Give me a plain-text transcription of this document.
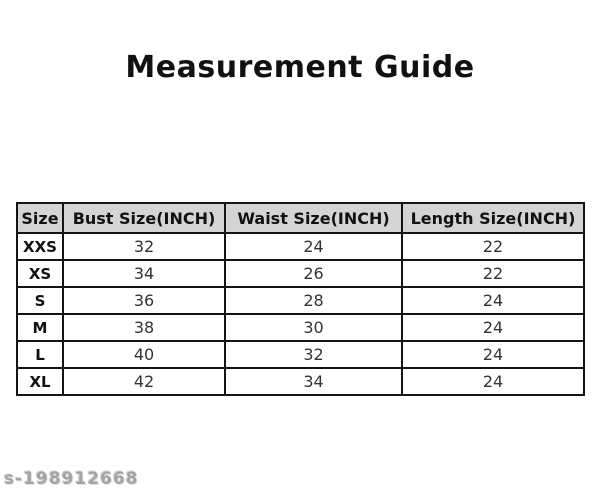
Measurement Guide
Size	Bust Size(INCH)	Waist Size(INCH)	Length Size(INCH)
XXS	32	24	22
XS	34	26	22
S	36	28	24
M	38	30	24
L	40	32	24
XL	42	34	24
s-198912668
